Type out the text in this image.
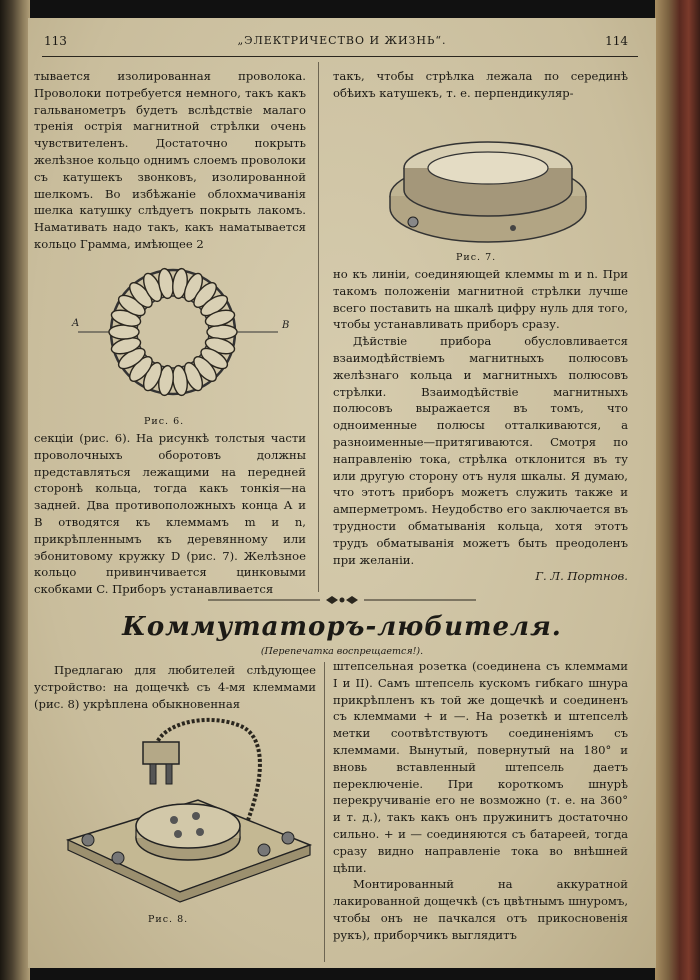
113	„ЭЛЕКТРИЧЕСТВО И ЖИЗНЬ“.	114

тывается изолированная проволока. Проволоки потребуется немного, такъ какъ гальванометръ будетъ вслѣдствіе малаго тренія острія магнитной стрѣлки очень чувствителенъ. Достаточно покрыть желѣзное кольцо однимъ слоемъ проволоки съ катушекъ звонковъ, изолированной шелкомъ. Во избѣжаніе облохмачиванія шелка катушку слѣдуетъ покрыть лакомъ. Намативать надо такъ, какъ наматывается кольцо Грамма, имѣющее 2

A	B
Рис. 6.

секціи (рис. 6). На рисункѣ толстыя части проволочныхъ оборотовъ должны представляться лежащими на передней сторонѣ кольца, тогда какъ тонкія—на задней. Два противоположныхъ конца A и B отводятся къ клеммамъ m и n, прикрѣпленнымъ къ деревянному или эбонитовому кружку D (рис. 7). Желѣзное кольцо привинчивается цинковыми скобками C. Приборъ устанавливается

такъ, чтобы стрѣлка лежала по серединѣ обѣихъ катушекъ, т. е. перпендикуляр-

Рис. 7.

но къ линіи, соединяющей клеммы m и n. При такомъ положеніи магнитной стрѣлки лучше всего поставить на шкалѣ цифру нуль для того, чтобы устанавливать приборъ сразу.

Дѣйствіе прибора обусловливается взаимодѣйствіемъ магнитныхъ полюсовъ желѣзнаго кольца и магнитныхъ полюсовъ стрѣлки. Взаимодѣйствіе магнитныхъ полюсовъ выражается въ томъ, что одноименные полюсы отталкиваются, а разноименные—притягиваются. Смотря по направленію тока, стрѣлка отклонится въ ту или другую сторону отъ нуля шкалы. Я думаю, что этотъ приборъ можетъ служить также и амперметромъ. Неудобство его заключается въ трудности обматыванія кольца, хотя этотъ трудъ обматыванія можетъ быть преодоленъ при желаніи.

Г. Л. Портнов.

Коммутаторъ-любителя.
(Перепечатка воспрещается!).

Предлагаю для любителей слѣдующее устройство: на дощечкѣ съ 4-мя клеммами (рис. 8) укрѣплена обыкновенная

Рис. 8.

штепсельная розетка (соединена съ клеммами I и II). Самъ штепсель кускомъ гибкаго шнура прикрѣпленъ къ той же дощечкѣ и соединенъ съ клеммами + и —. На розеткѣ и штепселѣ метки соотвѣтствуютъ соединеніямъ съ клеммами. Вынутый, повернутый на 180° и вновь вставленный штепсель даетъ переключеніе. При короткомъ шнурѣ перекручиваніе его не возможно (т. е. на 360° и т. д.), такъ какъ онъ пружинитъ достаточно сильно. + и — соединяются съ батареей, тогда сразу видно направленіе тока во внѣшней цѣпи.

Монтированный на аккуратной лакированной дощечкѣ (съ цвѣтнымъ шнуромъ, чтобы онъ не пачкался отъ прикосновенія рукъ), приборчикъ выглядитъ
